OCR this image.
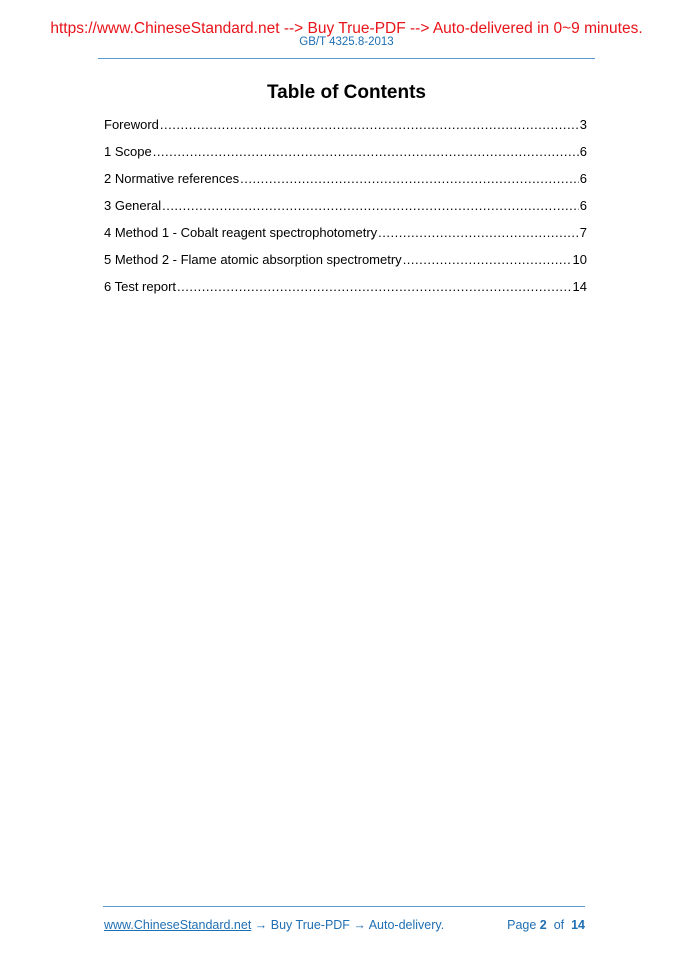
https://www.ChineseStandard.net --> Buy True-PDF --> Auto-delivered in 0~9 minutes.
GB/T 4325.8-2013
Table of Contents
Foreword .....	3
1 Scope .....	6
2 Normative references .....	6
3 General .....	6
4 Method 1 - Cobalt reagent spectrophotometry .....	7
5 Method 2 - Flame atomic absorption spectrometry .....	10
6 Test report .....	14
www.ChineseStandard.net → Buy True-PDF → Auto-delivery.	Page 2 of 14
